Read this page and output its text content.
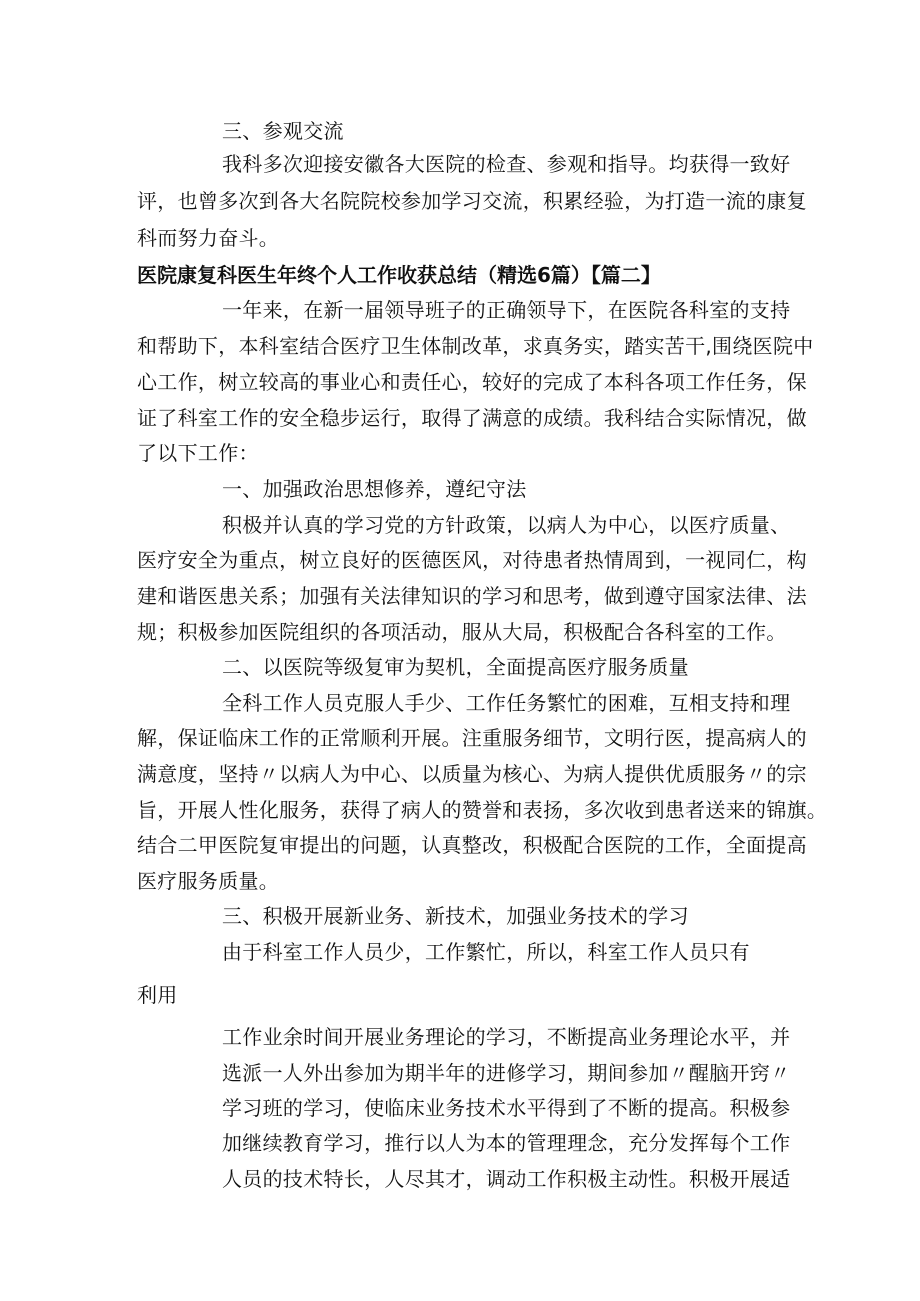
三、参观交流
我科多次迎接安徽各大医院的检查、参观和指导。均获得一致好
评，也曾多次到各大名院院校参加学习交流，积累经验，为打造一流的康复
科而努力奋斗。
医院康复科医生年终个人工作收获总结（精选6篇）【篇二】
一年来，在新一届领导班子的正确领导下，在医院各科室的支持
和帮助下，本科室结合医疗卫生体制改革，求真务实，踏实苦干,围绕医院中
心工作，树立较高的事业心和责任心，较好的完成了本科各项工作任务，保
证了科室工作的安全稳步运行，取得了满意的成绩。我科结合实际情况，做
了以下工作：
一、加强政治思想修养，遵纪守法
积极并认真的学习党的方针政策，以病人为中心，以医疗质量、
医疗安全为重点，树立良好的医德医风，对待患者热情周到，一视同仁，构
建和谐医患关系；加强有关法律知识的学习和思考，做到遵守国家法律、法
规；积极参加医院组织的各项活动，服从大局，积极配合各科室的工作。
二、以医院等级复审为契机，全面提高医疗服务质量
全科工作人员克服人手少、工作任务繁忙的困难，互相支持和理
解，保证临床工作的正常顺利开展。注重服务细节，文明行医，提高病人的
满意度，坚持〃以病人为中心、以质量为核心、为病人提供优质服务〃的宗
旨，开展人性化服务，获得了病人的赞誉和表扬，多次收到患者送来的锦旗。
结合二甲医院复审提出的问题，认真整改，积极配合医院的工作，全面提高
医疗服务质量。
三、积极开展新业务、新技术，加强业务技术的学习
由于科室工作人员少，工作繁忙，所以，科室工作人员只有
利用
工作业余时间开展业务理论的学习，不断提高业务理论水平，并
选派一人外出参加为期半年的进修学习，期间参加〃醒脑开窍〃
学习班的学习，使临床业务技术水平得到了不断的提高。积极参
加继续教育学习，推行以人为本的管理理念，充分发挥每个工作
人员的技术特长，人尽其才，调动工作积极主动性。积极开展适
